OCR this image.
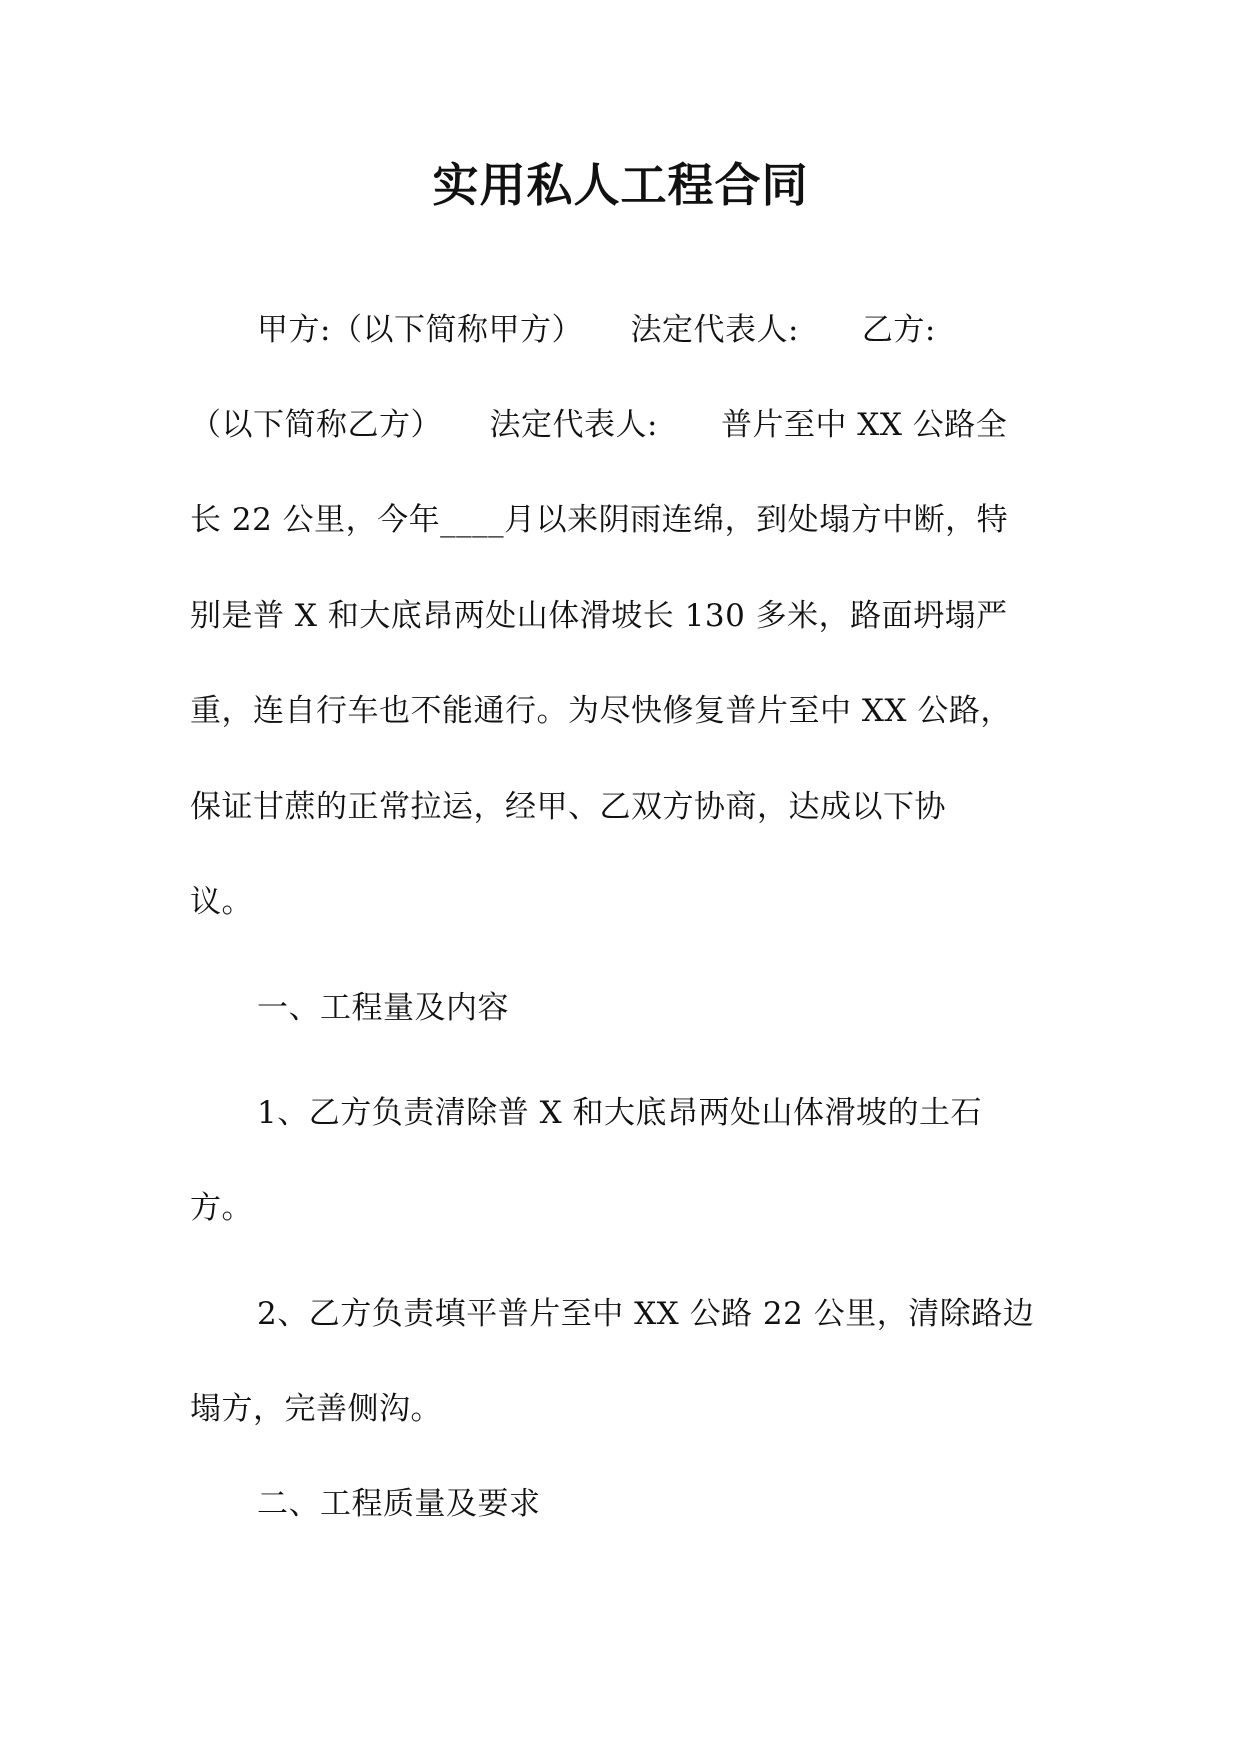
实用私人工程合同
甲方:（以下简称甲方）　　法定代表人:　　乙方:
（以下简称乙方）　　法定代表人:　　普片至中 XX 公路全
长 22 公里，今年____月以来阴雨连绵，到处塌方中断，特
别是普 X 和大底昂两处山体滑坡长 130 多米，路面坍塌严
重，连自行车也不能通行。为尽快修复普片至中 XX 公路，
保证甘蔗的正常拉运，经甲、乙双方协商，达成以下协
议。
一、工程量及内容
1、乙方负责清除普 X 和大底昂两处山体滑坡的土石
方。
2、乙方负责填平普片至中 XX 公路 22 公里，清除路边
塌方，完善侧沟。
二、工程质量及要求
